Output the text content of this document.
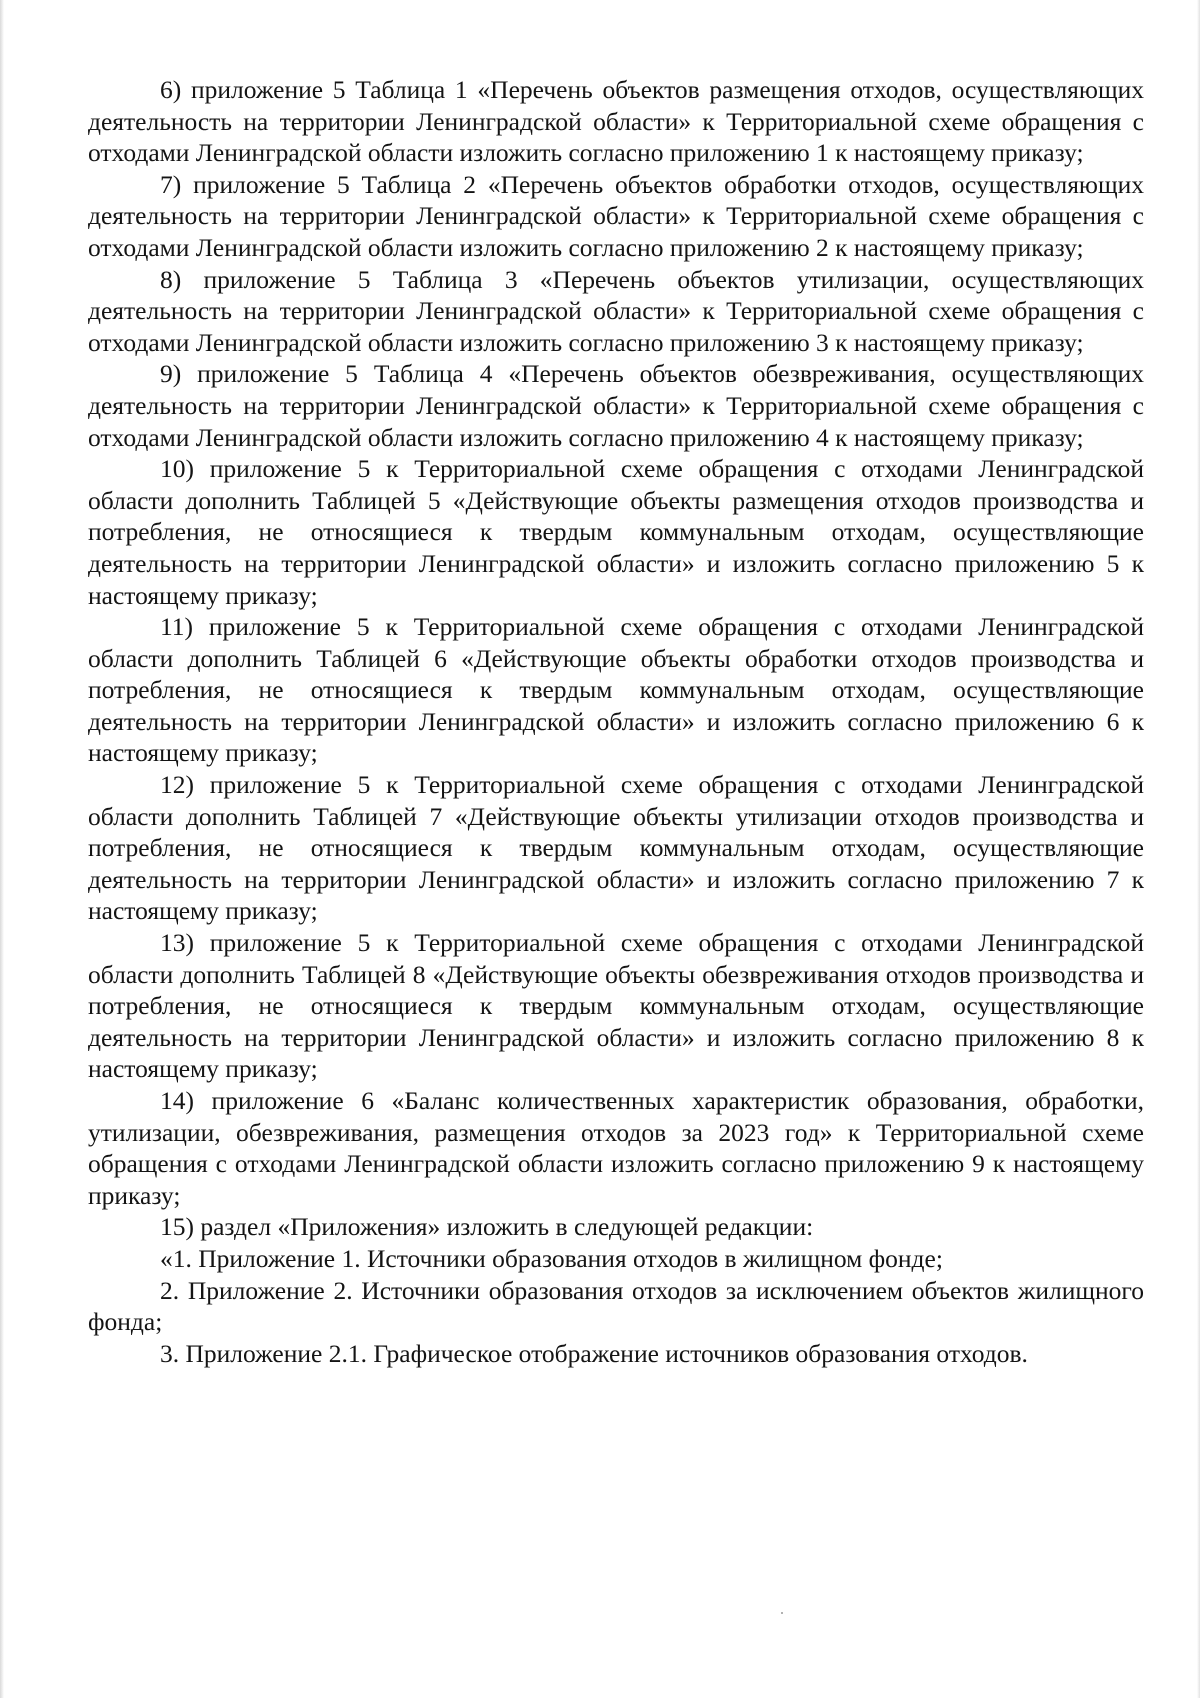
6) приложение 5 Таблица 1 «Перечень объектов размещения отходов, осуществляющих деятельность на территории Ленинградской области» к Территориальной схеме обращения с отходами Ленинградской области изложить согласно приложению 1 к настоящему приказу;

7) приложение 5 Таблица 2 «Перечень объектов обработки отходов, осуществляющих деятельность на территории Ленинградской области» к Территориальной схеме обращения с отходами Ленинградской области изложить согласно приложению 2 к настоящему приказу;

8) приложение 5 Таблица 3 «Перечень объектов утилизации, осуществляющих деятельность на территории Ленинградской области» к Территориальной схеме обращения с отходами Ленинградской области изложить согласно приложению 3 к настоящему приказу;

9) приложение 5 Таблица 4 «Перечень объектов обезвреживания, осуществляющих деятельность на территории Ленинградской области» к Территориальной схеме обращения с отходами Ленинградской области изложить согласно приложению 4 к настоящему приказу;

10) приложение 5 к Территориальной схеме обращения с отходами Ленинградской области дополнить Таблицей 5 «Действующие объекты размещения отходов производства и потребления, не относящиеся к твердым коммунальным отходам, осуществляющие деятельность на территории Ленинградской области» и изложить согласно приложению 5 к настоящему приказу;

11) приложение 5 к Территориальной схеме обращения с отходами Ленинградской области дополнить Таблицей 6 «Действующие объекты обработки отходов производства и потребления, не относящиеся к твердым коммунальным отходам, осуществляющие деятельность на территории Ленинградской области» и изложить согласно приложению 6 к настоящему приказу;

12) приложение 5 к Территориальной схеме обращения с отходами Ленинградской области дополнить Таблицей 7 «Действующие объекты утилизации отходов производства и потребления, не относящиеся к твердым коммунальным отходам, осуществляющие деятельность на территории Ленинградской области» и изложить согласно приложению 7 к настоящему приказу;

13) приложение 5 к Территориальной схеме обращения с отходами Ленинградской области дополнить Таблицей 8 «Действующие объекты обезвреживания отходов производства и потребления, не относящиеся к твердым коммунальным отходам, осуществляющие деятельность на территории Ленинградской области» и изложить согласно приложению 8 к настоящему приказу;

14) приложение 6 «Баланс количественных характеристик образования, обработки, утилизации, обезвреживания, размещения отходов за 2023 год» к Территориальной схеме обращения с отходами Ленинградской области изложить согласно приложению 9 к настоящему приказу;

15) раздел «Приложения» изложить в следующей редакции:

«1. Приложение 1. Источники образования отходов в жилищном фонде;

2. Приложение 2. Источники образования отходов за исключением объектов жилищного фонда;

3. Приложение 2.1. Графическое отображение источников образования отходов.
